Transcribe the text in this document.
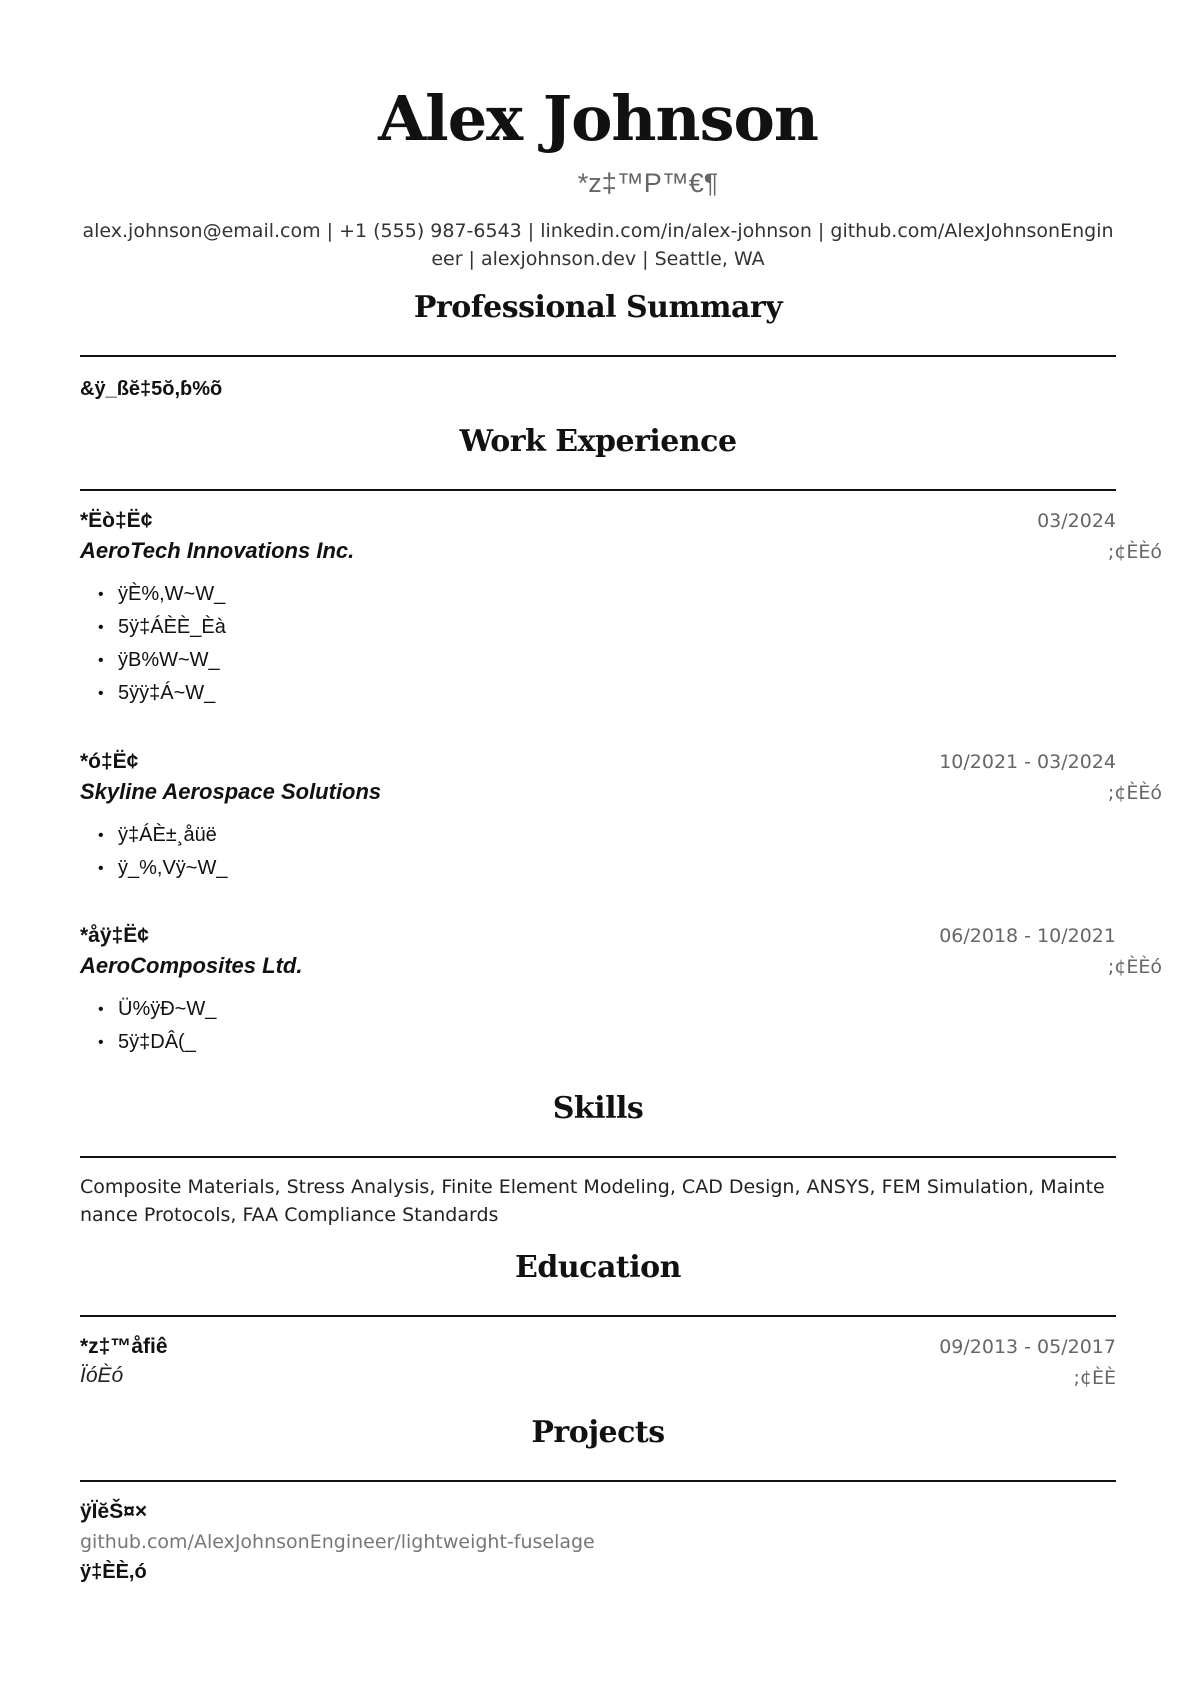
Alex Johnson
*z‡™P™€¶
alex.johnson@email.com | +1 (555) 987-6543 | linkedin.com/in/alex-johnson | github.com/AlexJohnsonEngineer | alexjohnson.dev | Seattle, WA
Professional Summary
&ÿ_ßĕ‡5ŏ,ɓ%õ
Work Experience
*Ëò‡Ë¢	03/2024
AeroTech Innovations Inc.	;¢ÈÈó
• ÿÈ%,W~W_
• 5ÿ‡ÁÈÈ_Èà
• ÿB%W~W_
• 5ÿÿ‡Á~W_
*ó‡Ë¢	10/2021 - 03/2024
Skyline Aerospace Solutions	;¢ÈÈó
• ÿ‡ÁÈ±¸åüë
• ÿ_%,Vÿ~W_
*åÿ‡Ë¢	06/2018 - 10/2021
AeroComposites Ltd.	;¢ÈÈó
• Ü%ÿÐ~W_
• 5ÿ‡DÂ(_
Skills
Composite Materials, Stress Analysis, Finite Element Modeling, CAD Design, ANSYS, FEM Simulation, Maintenance Protocols, FAA Compliance Standards
Education
*z‡™åfiê	09/2013 - 05/2017
ÏóÈó	;¢ÈÈ
Projects
ÿÏĕŠ¤×
github.com/AlexJohnsonEngineer/lightweight-fuselage
ÿ‡ÈÈ,ó
